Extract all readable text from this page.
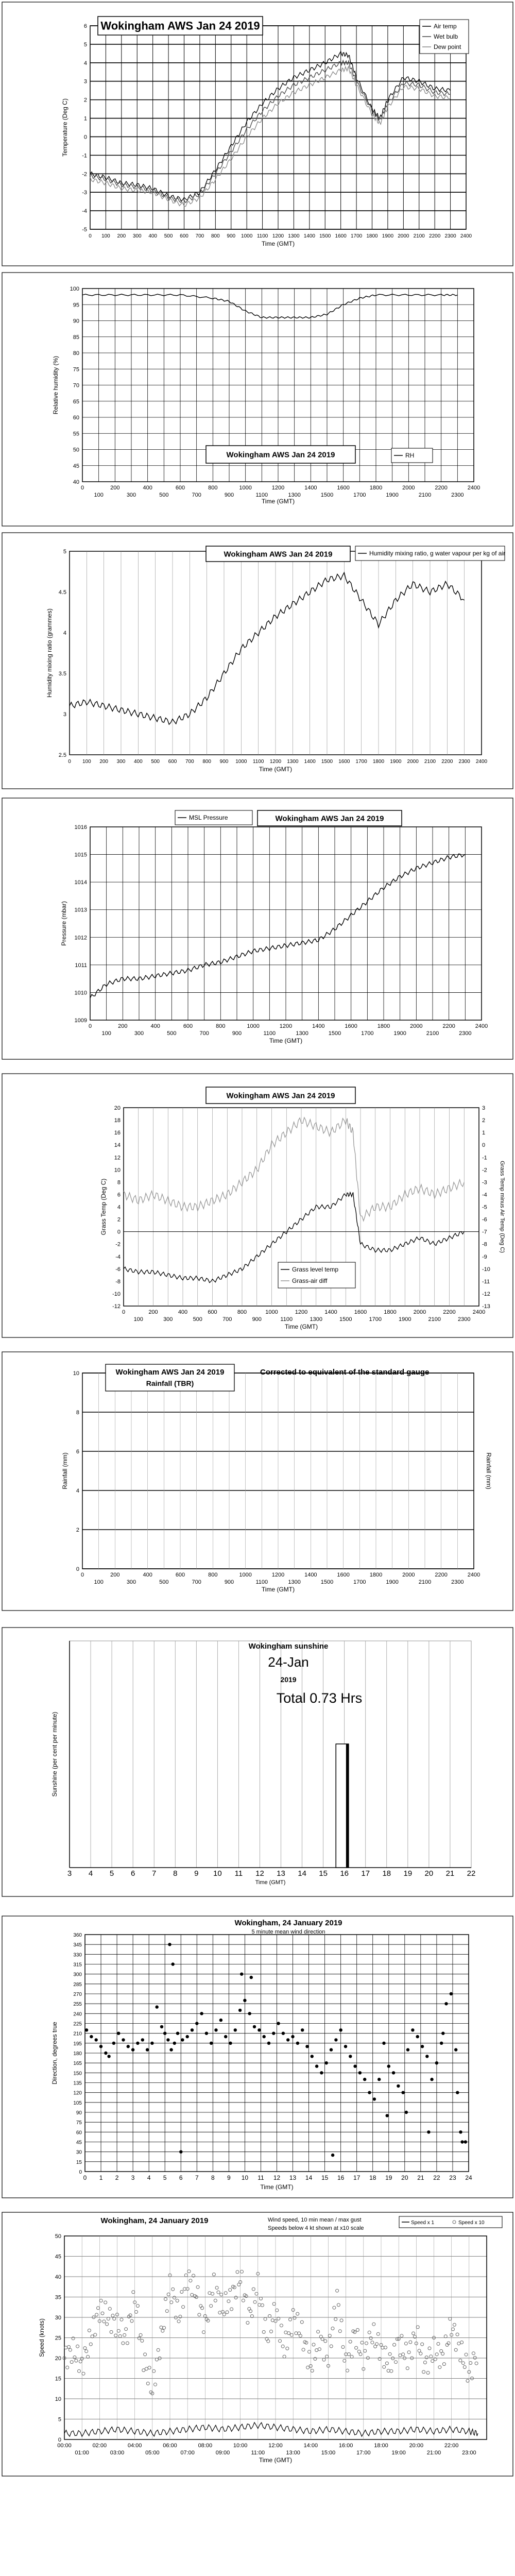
-5
-4
-3
-2
-1
0
1
2
3
4
5
6
0 100 200 300 400 500 600 700 800 900 1000 1100 1200 1300 1400 1500 1600 1700 1800 1900 2000 2100 2200 2300 2400
Time (GMT)
Temperature (Deg C)
Wokingham AWS Jan 24 2019	Air temp
Wet bulb
Dew point
40
45
50
55
60
65
70
75
80
85
90
95
100
0	200	400	600	800	1000	1200	1400	1600	1800	2000	2200	2400
100	300	500	700	900	1100	1300	1500	1700	1900	2100	2300
Time (GMT)
Relative humidity (%)
Wokingham AWS Jan 24 2019	RH
2.5
3
3.5
4
4.5
5
0 100 200 300 400 500 600 700 800 900 1000 1100 1200 1300 1400 1500 1600 1700 1800 1900 2000 2100 2200 2300 2400
Time (GMT)
Humidity mixing ratio (grammes)
Wokingham AWS Jan 24 2019	Humidity mixing ratio, g water vapour per kg of air
1009
1010
1011
1012
1013
1014
1015
1016
0	200	400	600	800	1000	1200	1400	1600	1800	2000	2200	2400
100	300	500	700	900	1100	1300	1500	1700	1900	2100	2300
Time (GMT)
Pressure (mbar)
MSL Pressure	Wokingham AWS Jan 24 2019
-12
-10
-8
-6
-4
-2
0
2
4
6
8
10
12
14
16
18
20
-13
-12
-11
-10
-9
-8
-7
-6
-5
-4
-3
-2
-1
0
1
2
3
0	200	400	600	800	1000	1200	1400	1600	1800	2000	2200	2400
100	300	500	700	900	1100	1300	1500	1700	1900	2100	2300
Time (GMT)
Grass Temp (Deg C)	Grass Temp minus Air Temp (Deg C)
Wokingham AWS Jan 24 2019
Grass level temp
Grass-air diff
0
2
4
6
8
10
0	200	400	600	800	1000	1200	1400	1600	1800	2000	2200	2400
100	300	500	700	900	1100	1300	1500	1700	1900	2100	2300
Time (GMT)
Rainfall (mm)	Rainfall (mm)
Wokingham AWS Jan 24 2019
Rainfall (TBR)
Corrected to equivalent of the standard gauge
3 4 5 6 7 8 9 10 11 12 13 14 15 16 17 18 19 20 21 22
Time (GMT)
Sunshine (per cent per minute)
Wokingham sunshine
24-Jan
2019
Total 0.73 Hrs
0
15
30
45
60
75
90
105
120
135
150
165
180
195
210
225
240
255
270
285
300
315
330
345
360
0 1 2 3 4 5 6 7 8 9 10 11 12 13 14 15 16 17 18 19 20 21 22 23 24
Time (GMT)
Direction, degrees true
Wokingham, 24 January 2019
5 minute mean wind direction
0
5
10
15
20
25
30
35
40
45
50
00:00	02:00	04:00	06:00	08:00	10:00	12:00	14:00	16:00	18:00	20:00	22:00
01:00	03:00	05:00	07:00	09:00	11:00	13:00	15:00	17:00	19:00	21:00	23:00
Time (GMT)
Speed (knots)
Wokingham, 24 January 2019	Wind speed, 10 min mean / max gust
Speeds below 4 kt shown at x10 scale
Speed x 1	Speed x 10
